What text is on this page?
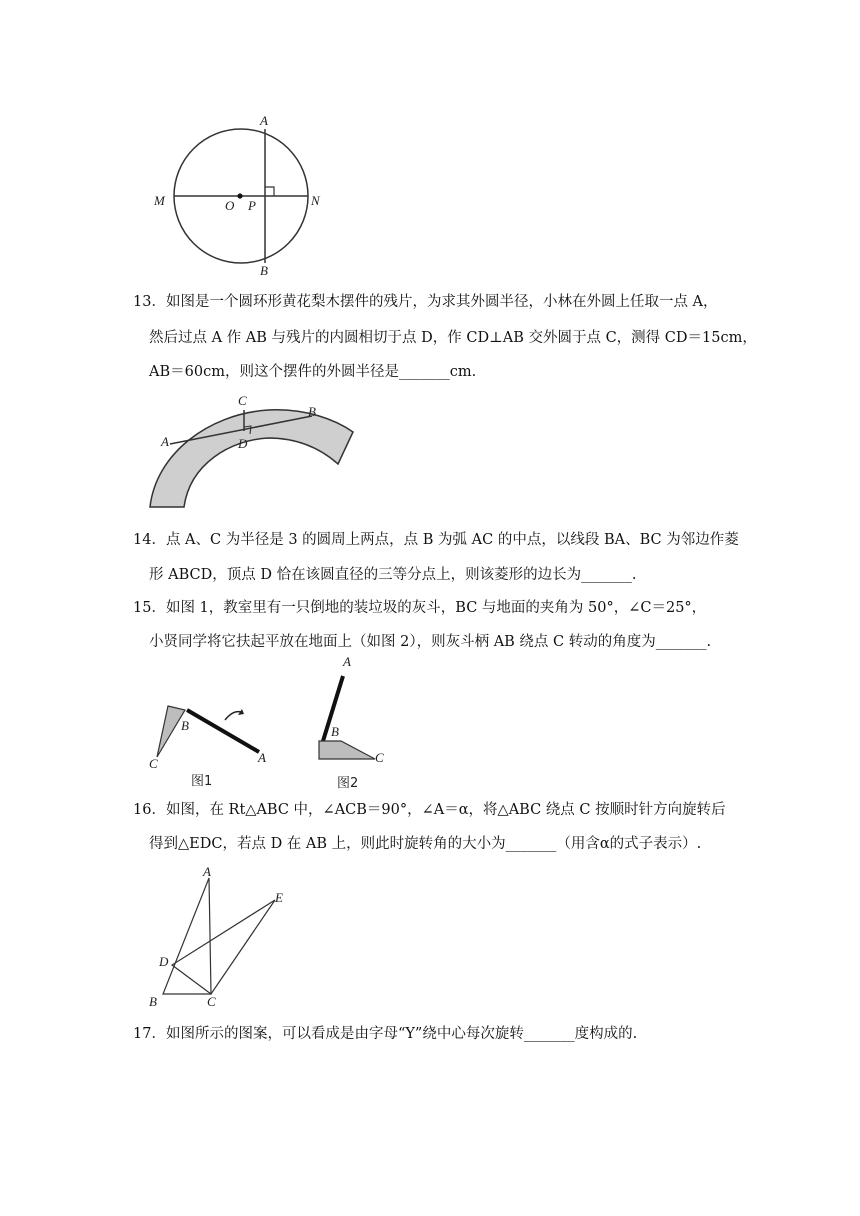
A
B
M	N
O P
13．如图是一个圆环形黄花梨木摆件的残片，为求其外圆半径，小林在外圆上任取一点 A，
然后过点 A 作 AB 与残片的内圆相切于点 D，作 CD⊥AB 交外圆于点 C，测得 CD＝15cm，
AB＝60cm，则这个摆件的外圆半径是_______cm.
A
B
C
D
14．点 A、C 为半径是 3 的圆周上两点，点 B 为弧 AC 的中点，以线段 BA、BC 为邻边作菱
形 ABCD，顶点 D 恰在该圆直径的三等分点上，则该菱形的边长为_______.
15．如图 1，教室里有一只倒地的装垃圾的灰斗，BC 与地面的夹角为 50°，∠C＝25°，
小贤同学将它扶起平放在地面上（如图 2），则灰斗柄 AB 绕点 C 转动的角度为_______.
B
C	A
图1
A
B
C
图2
16．如图，在 Rt△ABC 中，∠ACB＝90°，∠A＝α，将△ABC 绕点 C 按顺时针方向旋转后
得到△EDC，若点 D 在 AB 上，则此时旋转角的大小为_______（用含α的式子表示）.
A
E
D
B	C
17．如图所示的图案，可以看成是由字母“Y”绕中心每次旋转_______度构成的.
